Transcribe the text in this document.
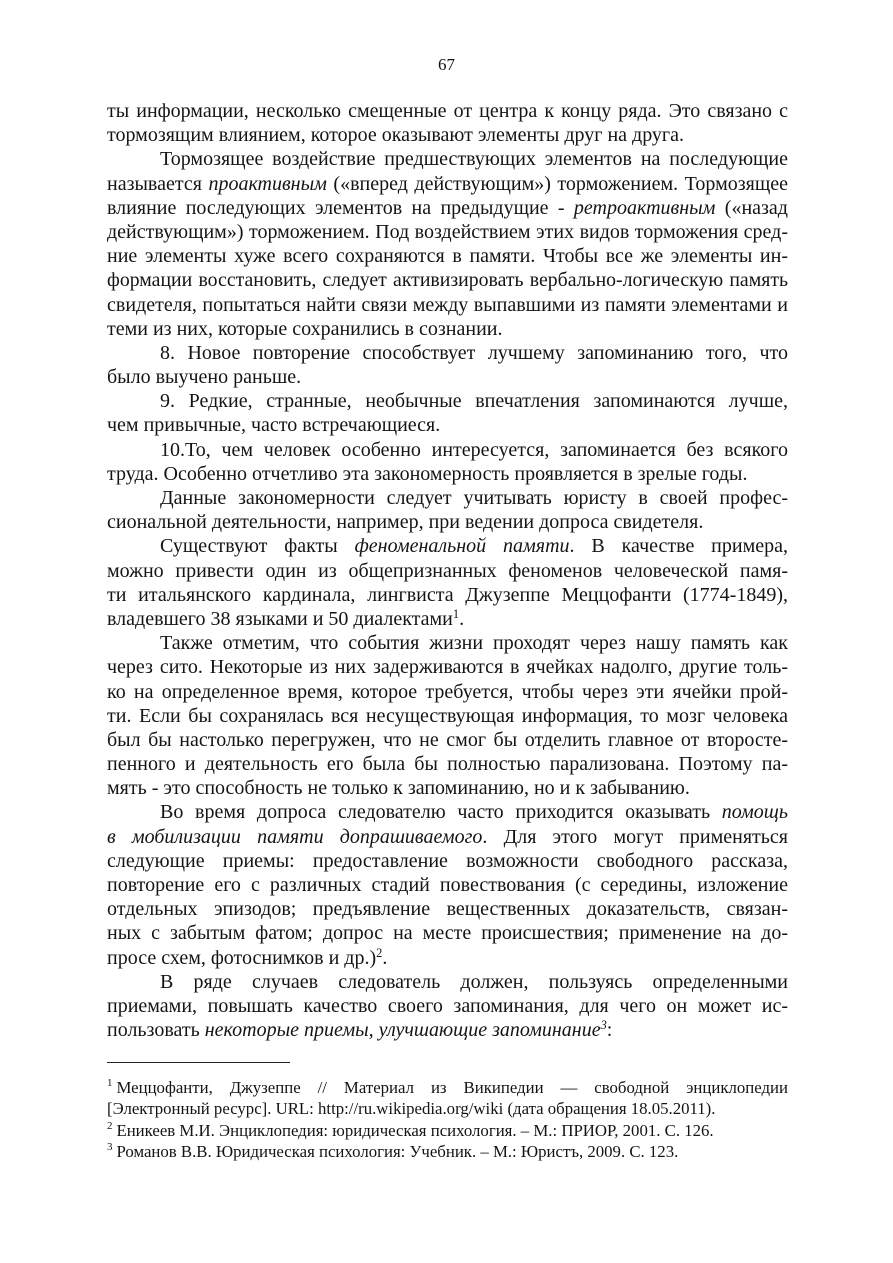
67
ты информации, несколько смещенные от центра к концу ряда. Это связано с
тормозящим влиянием, которое оказывают элементы друг на друга.
Тормозящее воздействие предшествующих элементов на последующие
называется проактивным («вперед действующим») торможением. Тормозящее
влияние последующих элементов на предыдущие - ретроактивным («назад
действующим») торможением. Под воздействием этих видов торможения сред-
ние элементы хуже всего сохраняются в памяти. Чтобы все же элементы ин-
формации восстановить, следует активизировать вербально-логическую память
свидетеля, попытаться найти связи между выпавшими из памяти элементами и
теми из них, которые сохранились в сознании.
8. Новое повторение способствует лучшему запоминанию того, что
было выучено раньше.
9. Редкие, странные, необычные впечатления запоминаются лучше,
чем привычные, часто встречающиеся.
10.То, чем человек особенно интересуется, запоминается без всякого
труда. Особенно отчетливо эта закономерность проявляется в зрелые годы.
Данные закономерности следует учитывать юристу в своей профес-
сиональной деятельности, например, при ведении допроса свидетеля.
Существуют факты феноменальной памяти. В качестве примера,
можно привести один из общепризнанных феноменов человеческой памя-
ти итальянского кардинала, лингвиста Джузеппе Меццофанти (1774-1849),
владевшего 38 языками и 50 диалектами$^1$.
Также отметим, что события жизни проходят через нашу память как
через сито. Некоторые из них задерживаются в ячейках надолго, другие толь-
ко на определенное время, которое требуется, чтобы через эти ячейки прой-
ти. Если бы сохранялась вся несуществующая информация, то мозг человека
был бы настолько перегружен, что не смог бы отделить главное от второсте-
пенного и деятельность его была бы полностью парализована. Поэтому па-
мять - это способность не только к запоминанию, но и к забыванию.
Во время допроса следователю часто приходится оказывать помощь
в мобилизации памяти допрашиваемого. Для этого могут применяться
следующие приемы: предоставление возможности свободного рассказа,
повторение его с различных стадий повествования (с середины, изложение
отдельных эпизодов; предъявление вещественных доказательств, связан-
ных с забытым фатом; допрос на месте происшествия; применение на до-
просе схем, фотоснимков и др.)$^2$.
В ряде случаев следователь должен, пользуясь определенными
приемами, повышать качество своего запоминания, для чего он может ис-
пользовать некоторые приемы, улучшающие запоминание$^3$:
$^1$ Меццофанти, Джузеппе // Материал из Википедии — свободной энциклопедии
[Электронный ресурс]. URL: http://ru.wikipedia.org/wiki (дата обращения 18.05.2011).
$^2$ Еникеев М.И. Энциклопедия: юридическая психология. – М.: ПРИОР, 2001. С. 126.
$^3$ Романов В.В. Юридическая психология: Учебник. – М.: Юристъ, 2009. С. 123.
